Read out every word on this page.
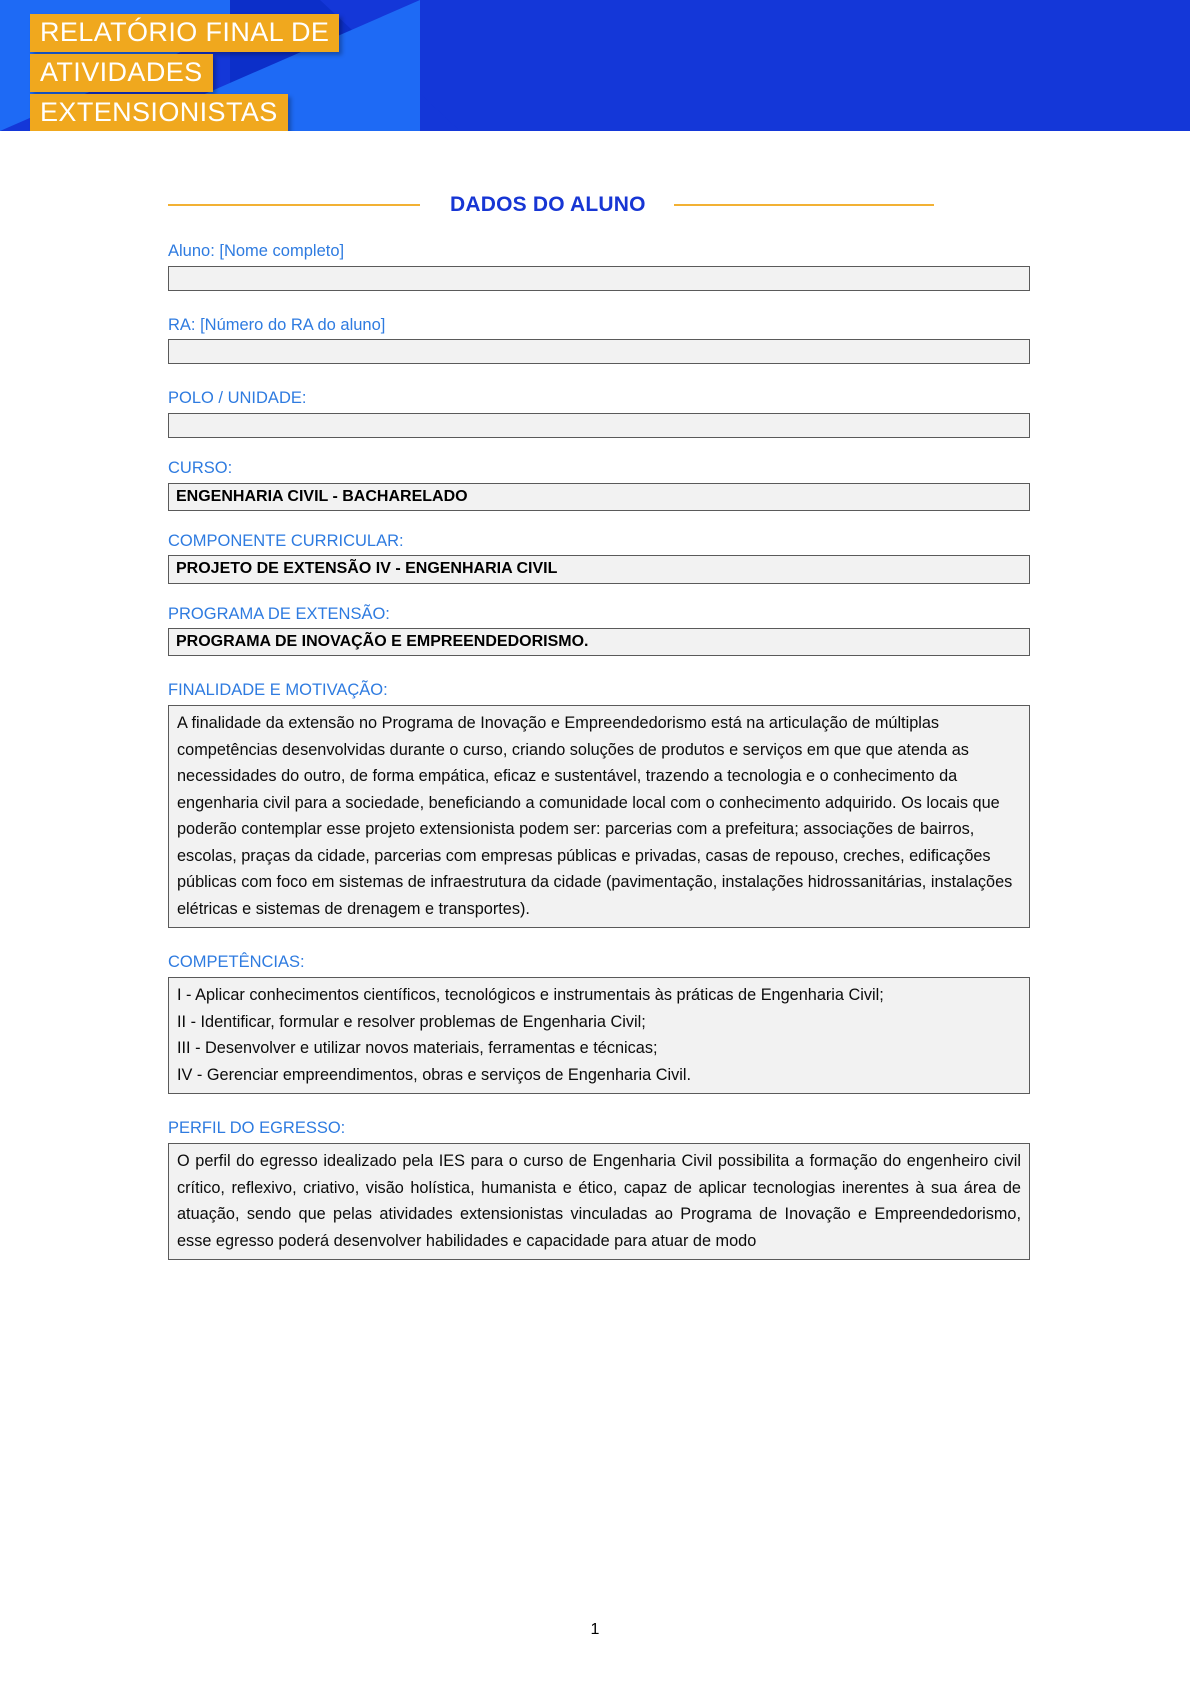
RELATÓRIO FINAL DE
ATIVIDADES
EXTENSIONISTAS
DADOS DO ALUNO
Aluno: [Nome completo]
RA: [Número do RA do aluno]
POLO / UNIDADE:
CURSO:
ENGENHARIA CIVIL - BACHARELADO
COMPONENTE CURRICULAR:
PROJETO DE EXTENSÃO IV - ENGENHARIA CIVIL
PROGRAMA DE EXTENSÃO:
PROGRAMA DE INOVAÇÃO E EMPREENDEDORISMO.
FINALIDADE E MOTIVAÇÃO:

A finalidade da extensão no Programa de Inovação e Empreendedorismo está na articulação de múltiplas competências desenvolvidas durante o curso, criando soluções de produtos e serviços em que que atenda as necessidades do outro, de forma empática, eficaz e sustentável, trazendo a tecnologia e o conhecimento da engenharia civil para a sociedade, beneficiando a comunidade local com o conhecimento adquirido. Os locais que poderão contemplar esse projeto extensionista podem ser: parcerias com a prefeitura; associações de bairros, escolas, praças da cidade, parcerias com empresas públicas e privadas, casas de repouso, creches, edificações públicas com foco em sistemas de infraestrutura da cidade (pavimentação, instalações hidrossanitárias, instalações elétricas e sistemas de drenagem e transportes).

COMPETÊNCIAS:

I - Aplicar conhecimentos científicos, tecnológicos e instrumentais às práticas de Engenharia Civil;

II - Identificar, formular e resolver problemas de Engenharia Civil;

III - Desenvolver e utilizar novos materiais, ferramentas e técnicas;

IV - Gerenciar empreendimentos, obras e serviços de Engenharia Civil.

PERFIL DO EGRESSO:

O perfil do egresso idealizado pela IES para o curso de Engenharia Civil possibilita a formação do engenheiro civil crítico, reflexivo, criativo, visão holística, humanista e ético, capaz de aplicar tecnologias inerentes à sua área de atuação, sendo que pelas atividades extensionistas vinculadas ao Programa de Inovação e Empreendedorismo, esse egresso poderá desenvolver habilidades e capacidade para atuar de modo

1
